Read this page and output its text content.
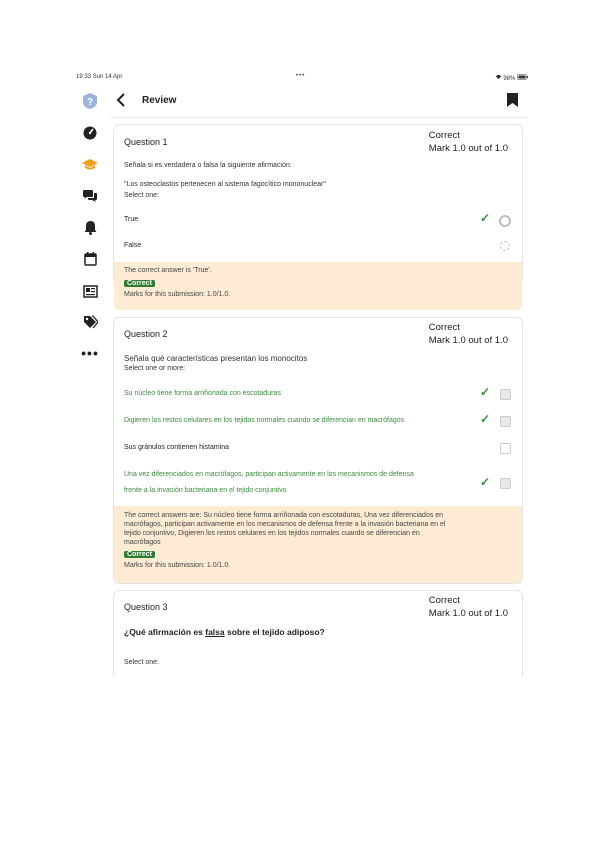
19:33 Sun 14 Apr	•••	98%
?
•••
Review
Question 1
Correct
Mark 1.0 out of 1.0
Señala si es verdadera o falsa la siguiente afirmación:
"Los osteoclastos pertenecen al sistema fagocítico mononuclear"
Select one:
True	✓
False
The correct answer is 'True'.
Correct
Marks for this submission: 1.0/1.0.
Question 2
Correct
Mark 1.0 out of 1.0
Señala qué características presentan los monocitos
Select one or more:
Su núcleo tiene forma arriñonada con escotaduras	✓
Digieren los restos celulares en los tejidos normales cuando se diferencian en macrófagos	✓
Sus gránulos contienen histamina
Una vez diferenciados en macrófagos, participan activamente en los mecanismos de defensa
frente a la invasión bacteriana en el tejido conjuntivo
✓
The correct answers are: Su núcleo tiene forma arriñonada con escotaduras, Una vez diferenciados en
macrófagos, participan activamente en los mecanismos de defensa frente a la invasión bacteriana en el
tejido conjuntivo, Digieren los restos celulares en los tejidos normales cuando se diferencian en
macrófagos
Correct
Marks for this submission: 1.0/1.0.
Question 3
Correct
Mark 1.0 out of 1.0
¿Qué afirmación es falsa sobre el tejido adiposo?
Select one:
